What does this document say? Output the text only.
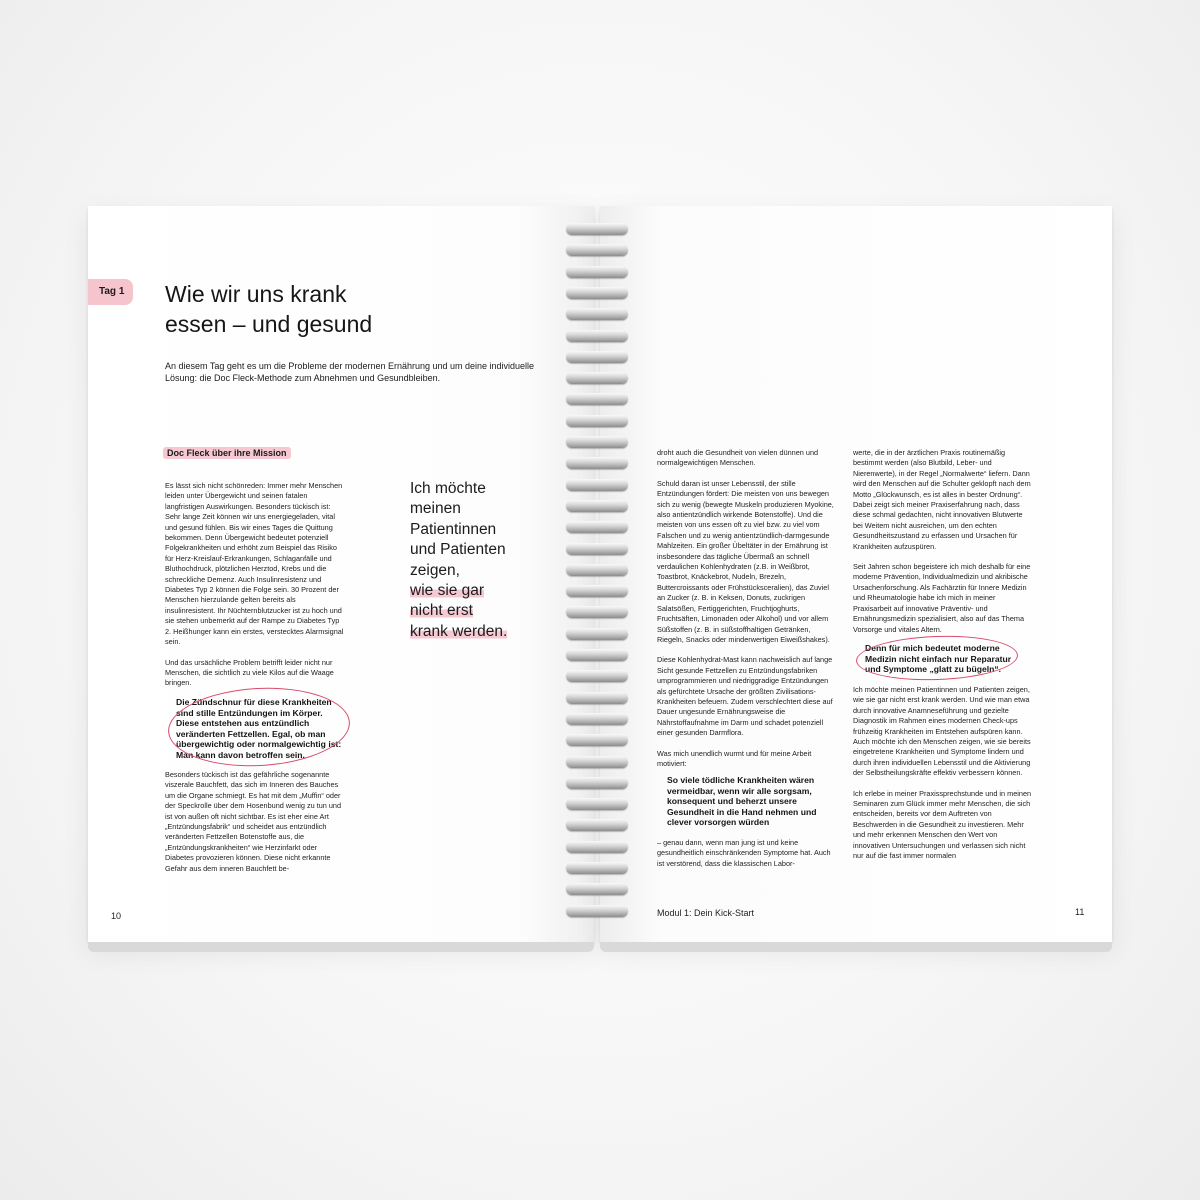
Tag 1	Wie wir uns krank
essen – und gesund
An diesem Tag geht es um die Probleme der modernen Ernährung und um deine individuelle Lösung: die Doc Fleck-Methode zum Abnehmen und Gesundbleiben.
Doc Fleck über ihre Mission

Es lässt sich nicht schönreden: Immer mehr Menschen leiden unter Übergewicht und seinen fatalen langfristigen Auswirkungen. Besonders tückisch ist: Sehr lange Zeit können wir uns energiegeladen, vital und gesund fühlen. Bis wir eines Tages die Quittung bekommen. Denn Übergewicht bedeutet potenziell Folgekrankheiten und erhöht zum Beispiel das Risiko für Herz-Kreislauf-Erkrankungen, Schlaganfälle und Bluthochdruck, plötzlichen Herztod, Krebs und die schreckliche Demenz. Auch Insulinresistenz und Diabetes Typ 2 können die Folge sein. 30 Prozent der Menschen hierzulande gelten bereits als insulinresistent. Ihr Nüchternblutzucker ist zu hoch und sie stehen unbemerkt auf der Rampe zu Diabetes Typ 2. Heißhunger kann ein erstes, verstecktes Alarmsignal sein.

Und das ursächliche Problem betrifft leider nicht nur Menschen, die sichtlich zu viele Kilos auf die Waage bringen.

Die Zündschnur für diese Krankheiten sind stille Entzündungen im Körper. Diese entstehen aus entzündlich veränderten Fettzellen. Egal, ob man übergewichtig oder normalgewichtig ist: Man kann davon betroffen sein.

Besonders tückisch ist das gefährliche sogenannte viszerale Bauchfett, das sich im Inneren des Bauches um die Organe schmiegt. Es hat mit dem „Muffin“ oder der Speckrolle über dem Hosenbund wenig zu tun und ist von außen oft nicht sichtbar. Es ist eher eine Art „Entzündungsfabrik“ und scheidet aus entzündlich veränderten Fettzellen Botenstoffe aus, die „Entzündungskrankheiten“ wie Herzinfarkt oder Diabetes provozieren können. Diese nicht erkannte Gefahr aus dem inneren Bauchfett be-

Ich möchte
meinen
Patientinnen
und Patienten
zeigen,
wie sie gar
nicht erst
krank werden.
10

droht auch die Gesundheit von vielen dünnen und normalgewichtigen Menschen.

Schuld daran ist unser Lebensstil, der stille Entzündungen fördert: Die meisten von uns bewegen sich zu wenig (bewegte Muskeln produzieren Myokine, also antientzündlich wirkende Botenstoffe). Und die meisten von uns essen oft zu viel bzw. zu viel vom Falschen und zu wenig antientzündlich-darmgesunde Mahlzeiten. Ein großer Übeltäter in der Ernährung ist insbesondere das tägliche Übermaß an schnell verdaulichen Kohlenhydraten (z.B. in Weißbrot, Toastbrot, Knäckebrot, Nudeln, Brezeln, Buttercroissants oder Frühstücksceralien), das Zuviel an Zucker (z. B. in Keksen, Donuts, zuckrigen Salatsößen, Fertiggerichten, Fruchtjoghurts, Fruchtsäften, Limonaden oder Alkohol) und vor allem Süßstoffen (z. B. in süßstoffhaltigen Getränken, Riegeln, Snacks oder minderwertigen Eiweißshakes).

Diese Kohlenhydrat-Mast kann nachweislich auf lange Sicht gesunde Fettzellen zu Entzündungsfabriken umprogrammieren und niedriggradige Entzündungen als gefürchtete Ursache der größten Zivilisations-Krankheiten befeuern. Zudem verschlechtert diese auf Dauer ungesunde Ernährungsweise die Nährstoffaufnahme im Darm und schadet potenziell einer gesunden Darmflora.

Was mich unendlich wurmt und für meine Arbeit motiviert:

So viele tödliche Krankheiten wären vermeidbar, wenn wir alle sorgsam, konsequent und beherzt unsere Gesundheit in die Hand nehmen und clever vorsorgen würden

– genau dann, wenn man jung ist und keine gesundheitlich einschränkenden Symptome hat. Auch ist verstörend, dass die klassischen Labor-

werte, die in der ärztlichen Praxis routinemäßig bestimmt werden (also Blutbild, Leber- und Nierenwerte), in der Regel „Normalwerte“ liefern. Dann wird den Menschen auf die Schulter geklopft nach dem Motto „Glückwunsch, es ist alles in bester Ordnung“. Dabei zeigt sich meiner Praxiserfahrung nach, dass diese schmal gedachten, nicht innovativen Blutwerte bei Weitem nicht ausreichen, um den echten Gesundheitszustand zu erfassen und Ursachen für Krankheiten aufzuspüren.

Seit Jahren schon begeistere ich mich deshalb für eine moderne Prävention, Individualmedizin und akribische Ursachenforschung. Als Fachärztin für Innere Medizin und Rheumatologie habe ich mich in meiner Praxisarbeit auf innovative Präventiv- und Ernährungsmedizin spezialisiert, also auf das Thema Vorsorge und vitales Altern.

Denn für mich bedeutet moderne Medizin nicht einfach nur Reparatur und Symptome „glatt zu bügeln“.

Ich möchte meinen Patientinnen und Patienten zeigen, wie sie gar nicht erst krank werden. Und wie man etwa durch innovative Anamneseführung und gezielte Diagnostik im Rahmen eines modernen Check-ups frühzeitig Krankheiten im Entstehen aufspüren kann. Auch möchte ich den Menschen zeigen, wie sie bereits eingetretene Krankheiten und Symptome lindern und durch ihren individuellen Lebensstil und die Aktivierung der Selbstheilungskräfte effektiv verbessern können.

Ich erlebe in meiner Praxissprechstunde und in meinen Seminaren zum Glück immer mehr Menschen, die sich entscheiden, bereits vor dem Auftreten von Beschwerden in die Gesundheit zu investieren. Mehr und mehr erkennen Menschen den Wert von innovativen Untersuchungen und verlassen sich nicht nur auf die fast immer normalen

Modul 1: Dein Kick-Start	11
